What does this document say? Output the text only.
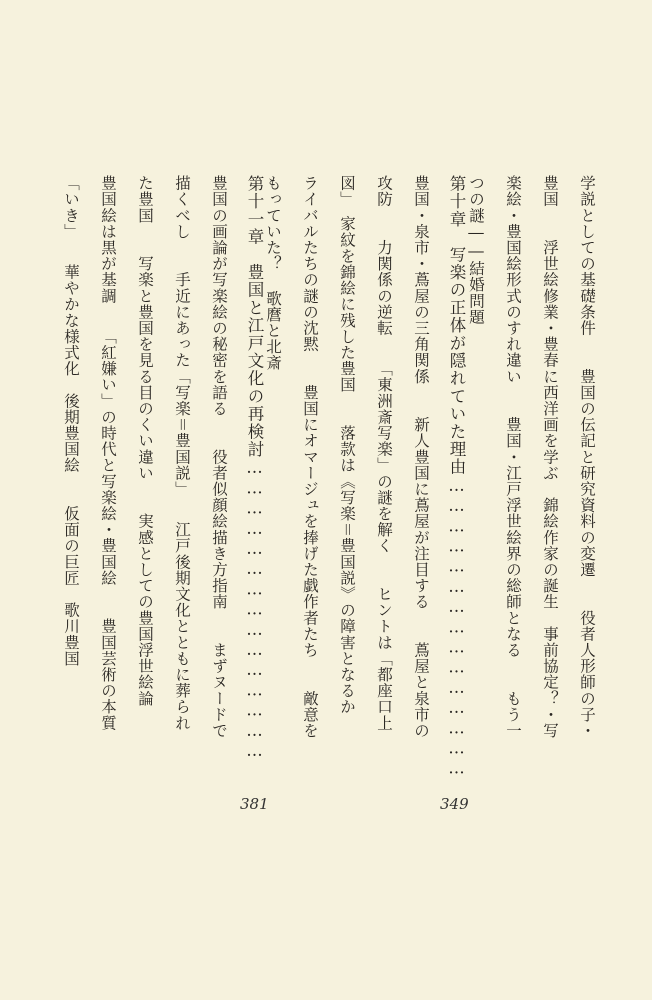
学説としての基礎条件　　豊国の伝記と研究資料の変遷　　役者人形師の子・
豊国　　浮世絵修業・豊春に西洋画を学ぶ　錦絵作家の誕生　事前協定？・写
楽絵・豊国絵形式のすれ違い　　豊国・江戸浮世絵界の総師となる　　もう一
つの謎――結婚問題
第十章　写楽の正体が隠れていた理由………………………………………
豊国・泉市・蔦屋の三角関係　　新人豊国に蔦屋が注目する　　蔦屋と泉市の
攻防　　力関係の逆転　　「東洲斎写楽」の謎を解く　　ヒントは「都座口上
図」　家紋を錦絵に残した豊国　　落款は《写楽＝豊国説》の障害となるか
ライバルたちの謎の沈黙　　豊国にオマージュを捧げた戯作者たち　　敵意を
もっていた？ 歌麿と北斎
第十一章　豊国と江戸文化の再検討………………………………………
豊国の画論が写楽絵の秘密を語る　　役者似顔絵描き方指南　　まずヌードで
描くべし　　手近にあった「写楽＝豊国説」　　江戸後期文化とともに葬られ
た豊国　　写楽と豊国を見る目のくい違い　　実感としての豊国浮世絵論
豊国絵は黒が基調　　「紅嫌い」の時代と写楽絵・豊国絵　　豊国芸術の本質
「いき」　　華やかな様式化　後期豊国絵　　仮面の巨匠　歌川豊国
349
381
